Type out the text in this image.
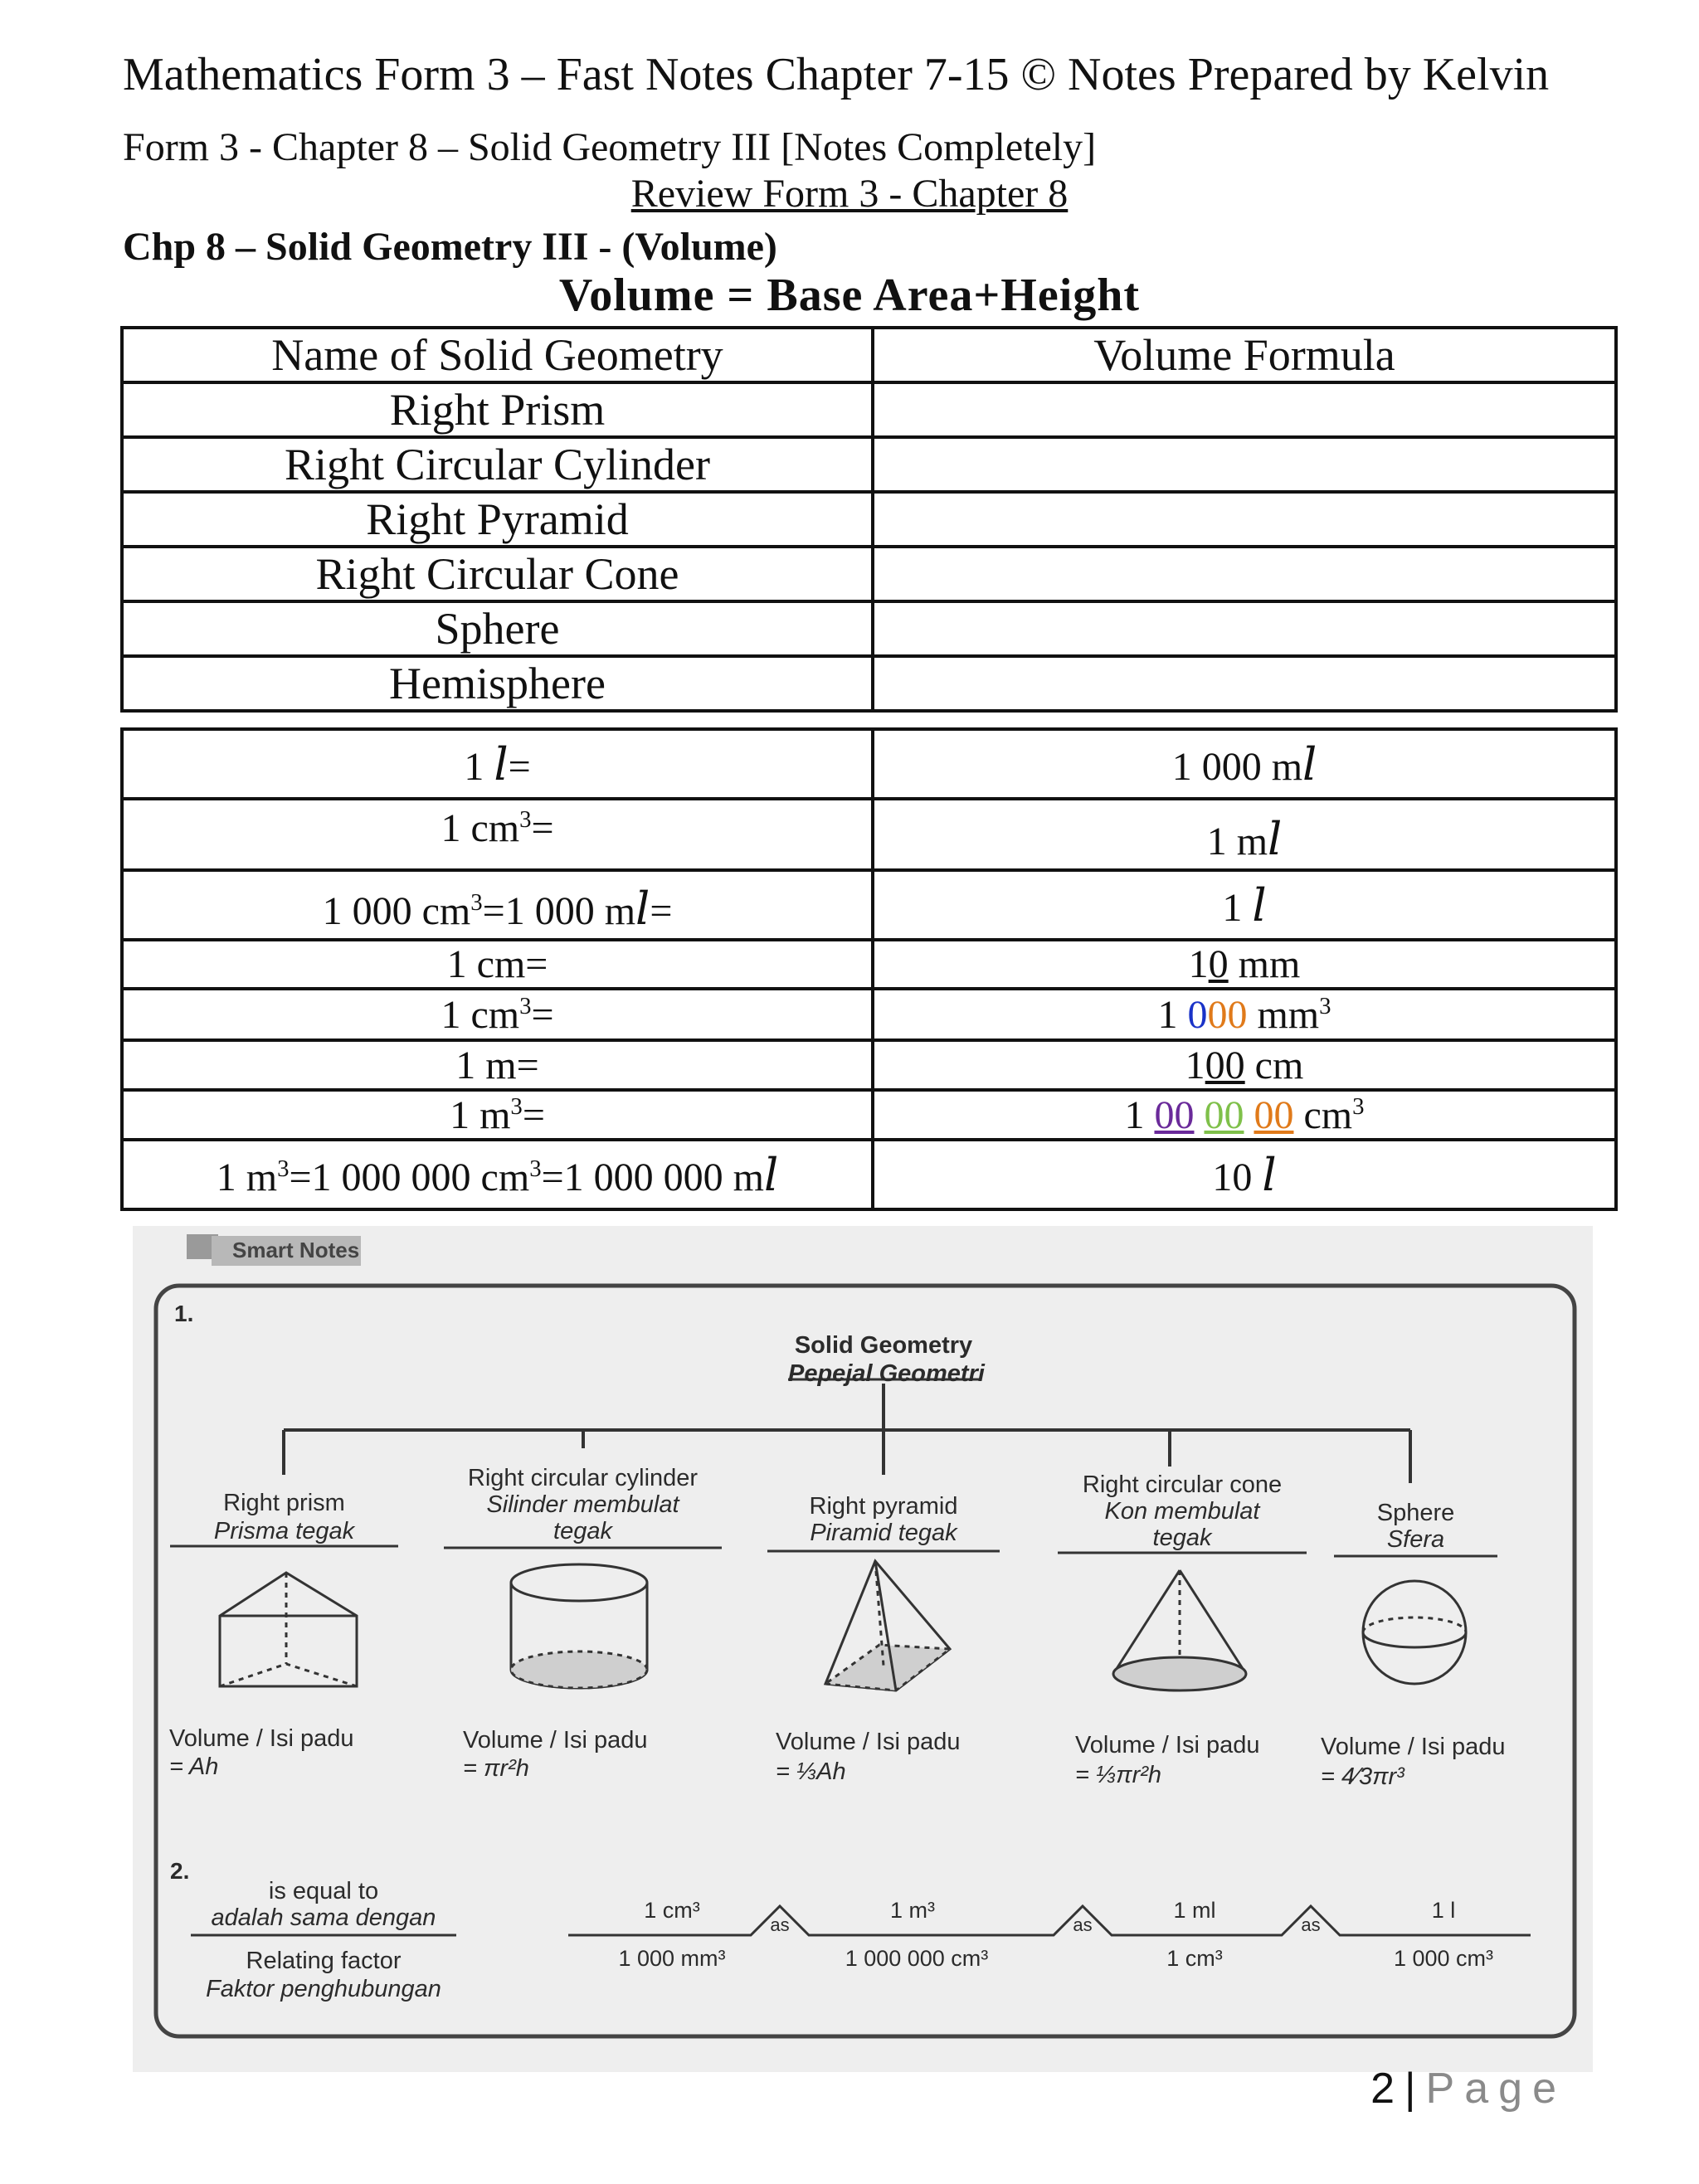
Mathematics Form 3 – Fast Notes Chapter 7-15 © Notes Prepared by Kelvin
Form 3 - Chapter 8 – Solid Geometry III [Notes Completely]
Review Form 3 - Chapter 8
Chp 8 – Solid Geometry III - (Volume)
Volume = Base Area+Height
Name of Solid Geometry	Volume Formula
Right Prism	
Right Circular Cylinder	
Right Pyramid	
Right Circular Cone	
Sphere	
Hemisphere	
1 l=	1 000 ml
1 $cm^3=$	1 ml
1 000 $cm^3=1$ 000 ml=	1 l
1 cm=	10 mm
1 $cm^3=$	1 000 $mm^3$
1 m=	100 cm
1 $m^3=$	1 00 00 00 $cm^3$
1 $m^3=1$ 000 000 $cm^3=1$ 000 000 ml	10 l
Smart Notes
1.
2.
Solid Geometry
Pepejal Geometri
Right prism
Prisma tegak
Right circular cylinder
Silinder membulat
tegak
Right pyramid
Piramid tegak
Right circular cone
Kon membulat
tegak
Sphere
Sfera
Volume / Isi padu
= Ah
Volume / Isi padu
= πr²h
Volume / Isi padu
= ⅓Ah
Volume / Isi padu
= ⅓πr²h
Volume / Isi padu
= 4⁄3πr³
is equal to
adalah sama dengan
Relating factor
Faktor penghubungan
1 cm³
1 000 mm³
1 m³
1 000 000 cm³
1 ml
1 cm³
1 l
1 000 cm³
as	as	as
2 | Page
